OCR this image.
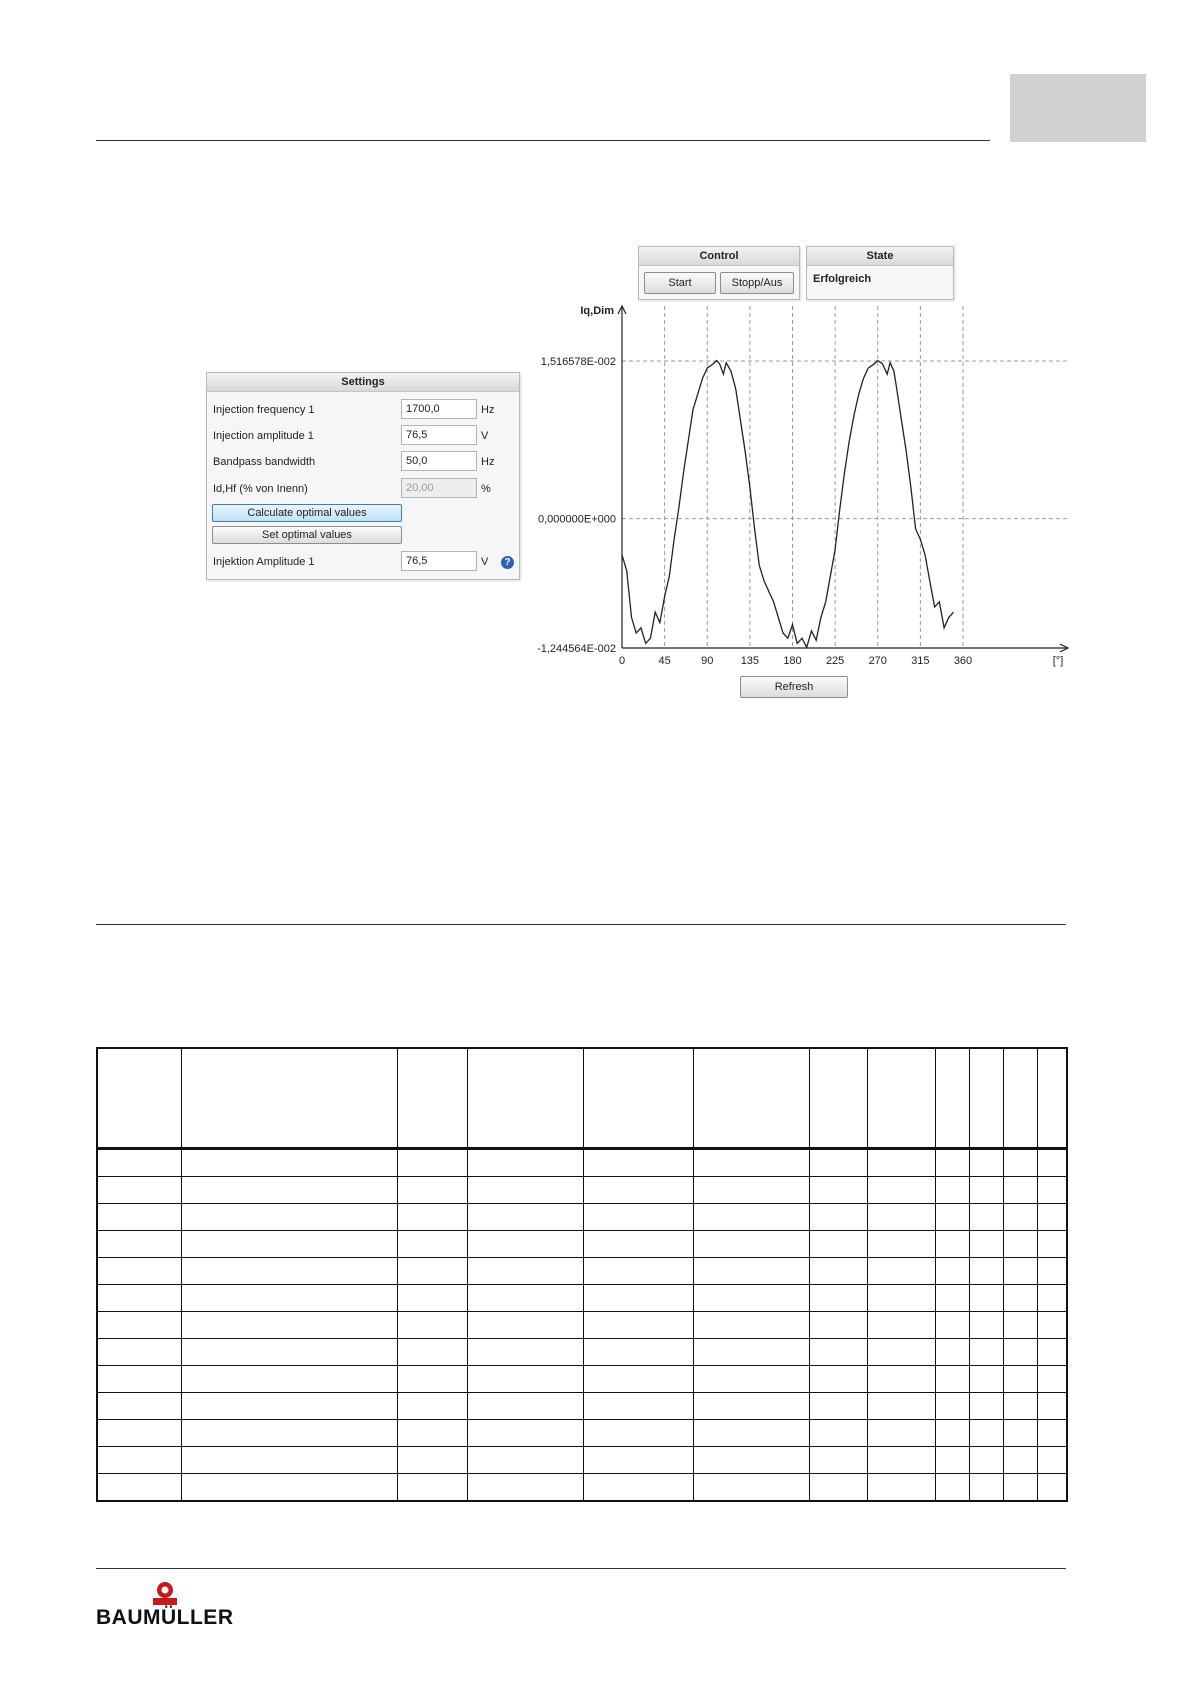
Settings
Injection frequency 1
1700,0	Hz
Injection amplitude 1
76,5	V
Bandpass bandwidth
50,0	Hz
Id,Hf (% von Inenn)
20,00	%
Calculate optimal values
Set optimal values
Injektion Amplitude 1
76,5	V	?
Control
Start	Stopp/Aus
State
Erfolgreich
Iq,Dim
[°]
0	45	90 135 180 225 270 315 360
1,516578E-002
0,000000E+000
-1,244564E-002
Refresh

BAUMÜLLER
